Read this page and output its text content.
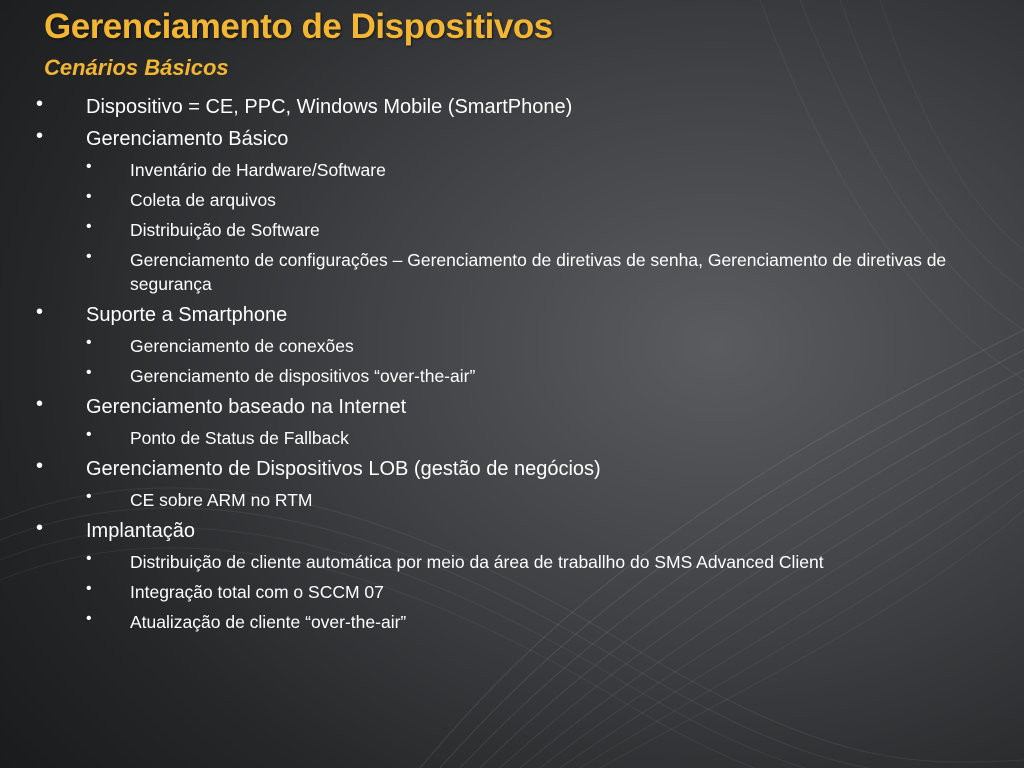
Gerenciamento de Dispositivos
Cenários Básicos
• Dispositivo = CE, PPC, Windows Mobile (SmartPhone)
• Gerenciamento Básico
• Inventário de Hardware/Software
• Coleta de arquivos
• Distribuição de Software
• Gerenciamento de configurações – Gerenciamento de diretivas de senha, Gerenciamento de diretivas de segurança
• Suporte a Smartphone
• Gerenciamento de conexões
• Gerenciamento de dispositivos “over-the-air”
• Gerenciamento baseado na Internet
• Ponto de Status de Fallback
• Gerenciamento de Dispositivos LOB (gestão de negócios)
• CE sobre ARM no RTM
• Implantação
• Distribuição de cliente automática por meio da área de traballho do SMS Advanced Client
• Integração total com o SCCM 07
• Atualização de cliente “over-the-air”
